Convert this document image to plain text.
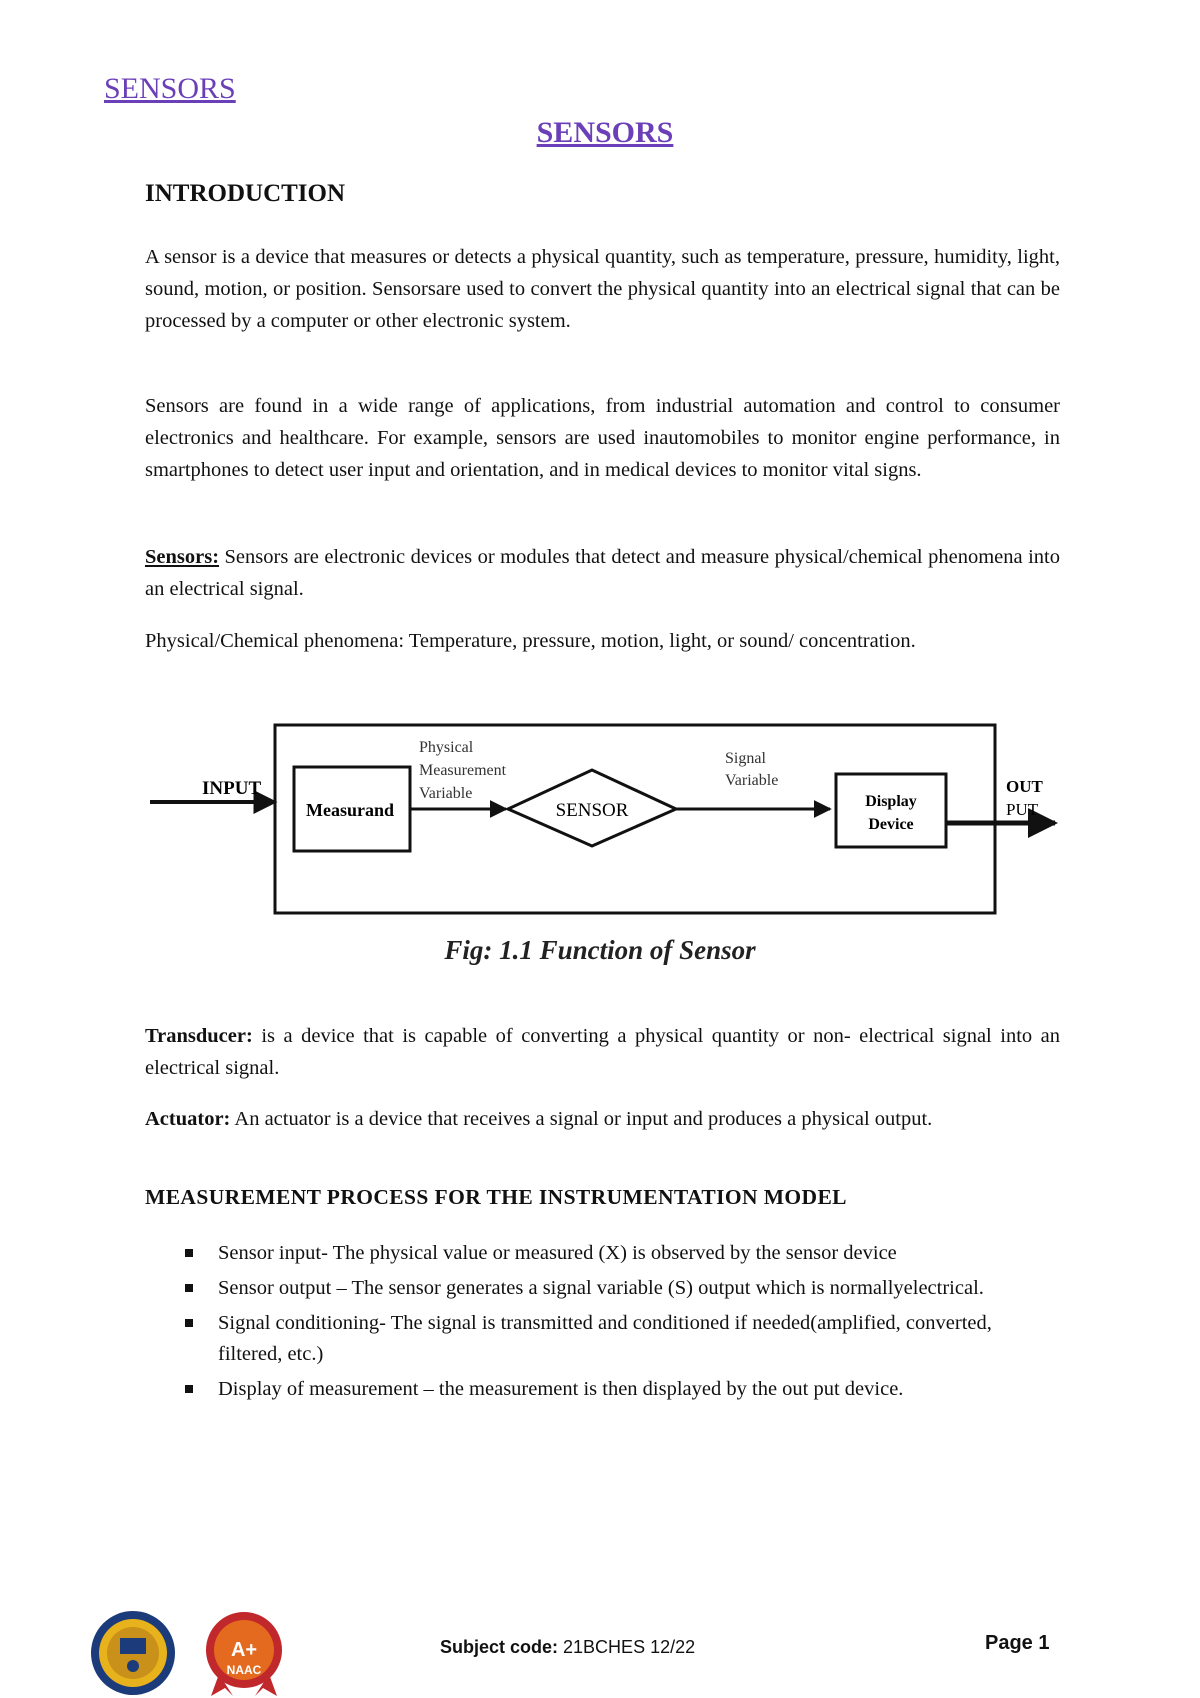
SENSORS
SENSORS
INTRODUCTION
A sensor is a device that measures or detects a physical quantity, such as temperature, pressure, humidity, light, sound, motion, or position. Sensorsare used to convert the physical quantity into an electrical signal that can be processed by a computer or other electronic system.
Sensors are found in a wide range of applications, from industrial automation and control to consumer electronics and healthcare. For example, sensors are used inautomobiles to monitor engine performance, in smartphones to detect user input and orientation, and in medical devices to monitor vital signs.
Sensors: Sensors are electronic devices or modules that detect and measure physical/chemical phenomena into an electrical signal.
Physical/Chemical phenomena: Temperature, pressure, motion, light, or sound/ concentration.
INPUT
Measurand
Physical
Measurement
Variable
SENSOR
Signal
Variable
Display
Device
OUT
PUT
Fig: 1.1 Function of Sensor
Transducer: is a device that is capable of converting a physical quantity or non- electrical signal into an electrical signal.
Actuator: An actuator is a device that receives a signal or input and produces a physical output.
MEASUREMENT PROCESS FOR THE INSTRUMENTATION MODEL
Sensor input- The physical value or measured (X) is observed by the sensor device
Sensor output – The sensor generates a signal variable (S) output which is normallyelectrical.
Signal conditioning- The signal is transmitted and conditioned if needed(amplified, converted, filtered, etc.)
Display of measurement – the measurement is then displayed by the out put device.
A+
NAAC
Subject code: 21BCHES 12/22	Page 1
